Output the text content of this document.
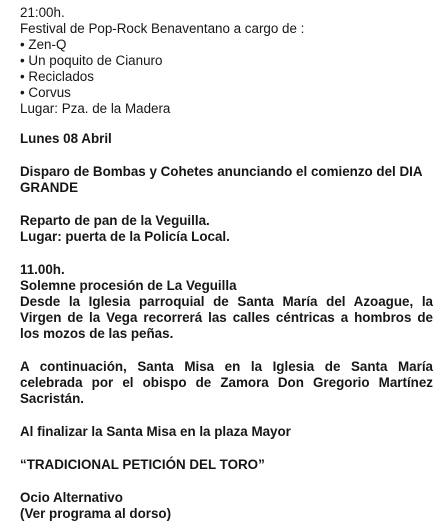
21:00h.

Festival de Pop-Rock Benaventano a cargo de :

• Zen-Q

• Un poquito de Cianuro

• Reciclados

• Corvus

Lugar: Pza. de la Madera

Lunes 08 Abril

Disparo de Bombas y Cohetes anunciando el comienzo del DIA

GRANDE

Reparto de pan de la Veguilla.

Lugar: puerta de la Policía Local.

11.00h.

Solemne procesión de La Veguilla

Desde la Iglesia parroquial de Santa María del Azoague, la Virgen de la Vega recorrerá las calles céntricas a hombros de los mozos de las peñas.

A continuación, Santa Misa en la Iglesia de Santa María celebrada por el obispo de Zamora Don Gregorio Martínez Sacristán.

Al finalizar la Santa Misa en la plaza Mayor

“TRADICIONAL PETICIÓN DEL TORO”

Ocio Alternativo

(Ver programa al dorso)
